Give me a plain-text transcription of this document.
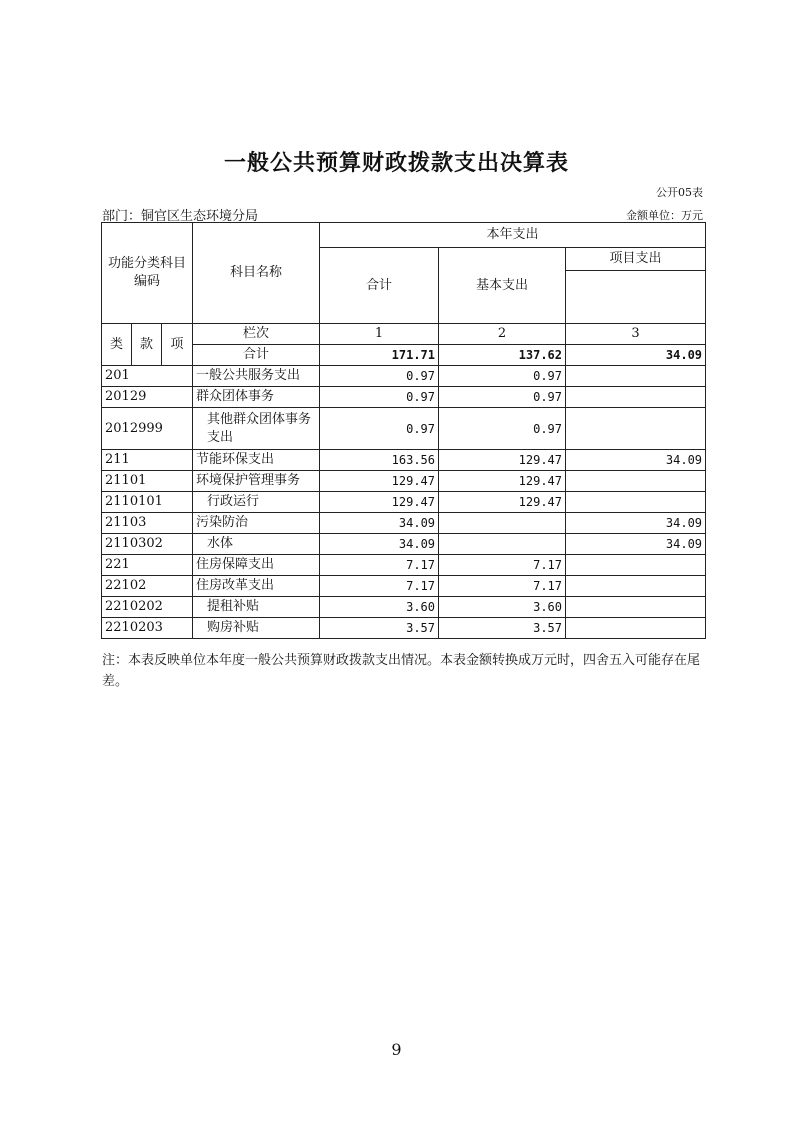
一般公共预算财政拨款支出决算表
公开05表
部门：铜官区生态环境分局	金额单位：万元
功能分类科目编码			科目名称	本年支出		
				合计	基本支出	项目支出

类	款	项	栏次	1	2	3
			合计	171.71	137.62	34.09
201			一般公共服务支出	0.97	0.97	
20129			群众团体事务	0.97	0.97	
2012999			其他群众团体事务支出	0.97	0.97	
211			节能环保支出	163.56	129.47	34.09
21101			环境保护管理事务	129.47	129.47	
2110101			行政运行	129.47	129.47	
21103			污染防治	34.09		34.09
2110302			水体	34.09		34.09
221			住房保障支出	7.17	7.17	
22102			住房改革支出	7.17	7.17	
2210202			提租补贴	3.60	3.60	
2210203			购房补贴	3.57	3.57	
注：本表反映单位本年度一般公共预算财政拨款支出情况。本表金额转换成万元时，四舍五入可能存在尾差。
9
